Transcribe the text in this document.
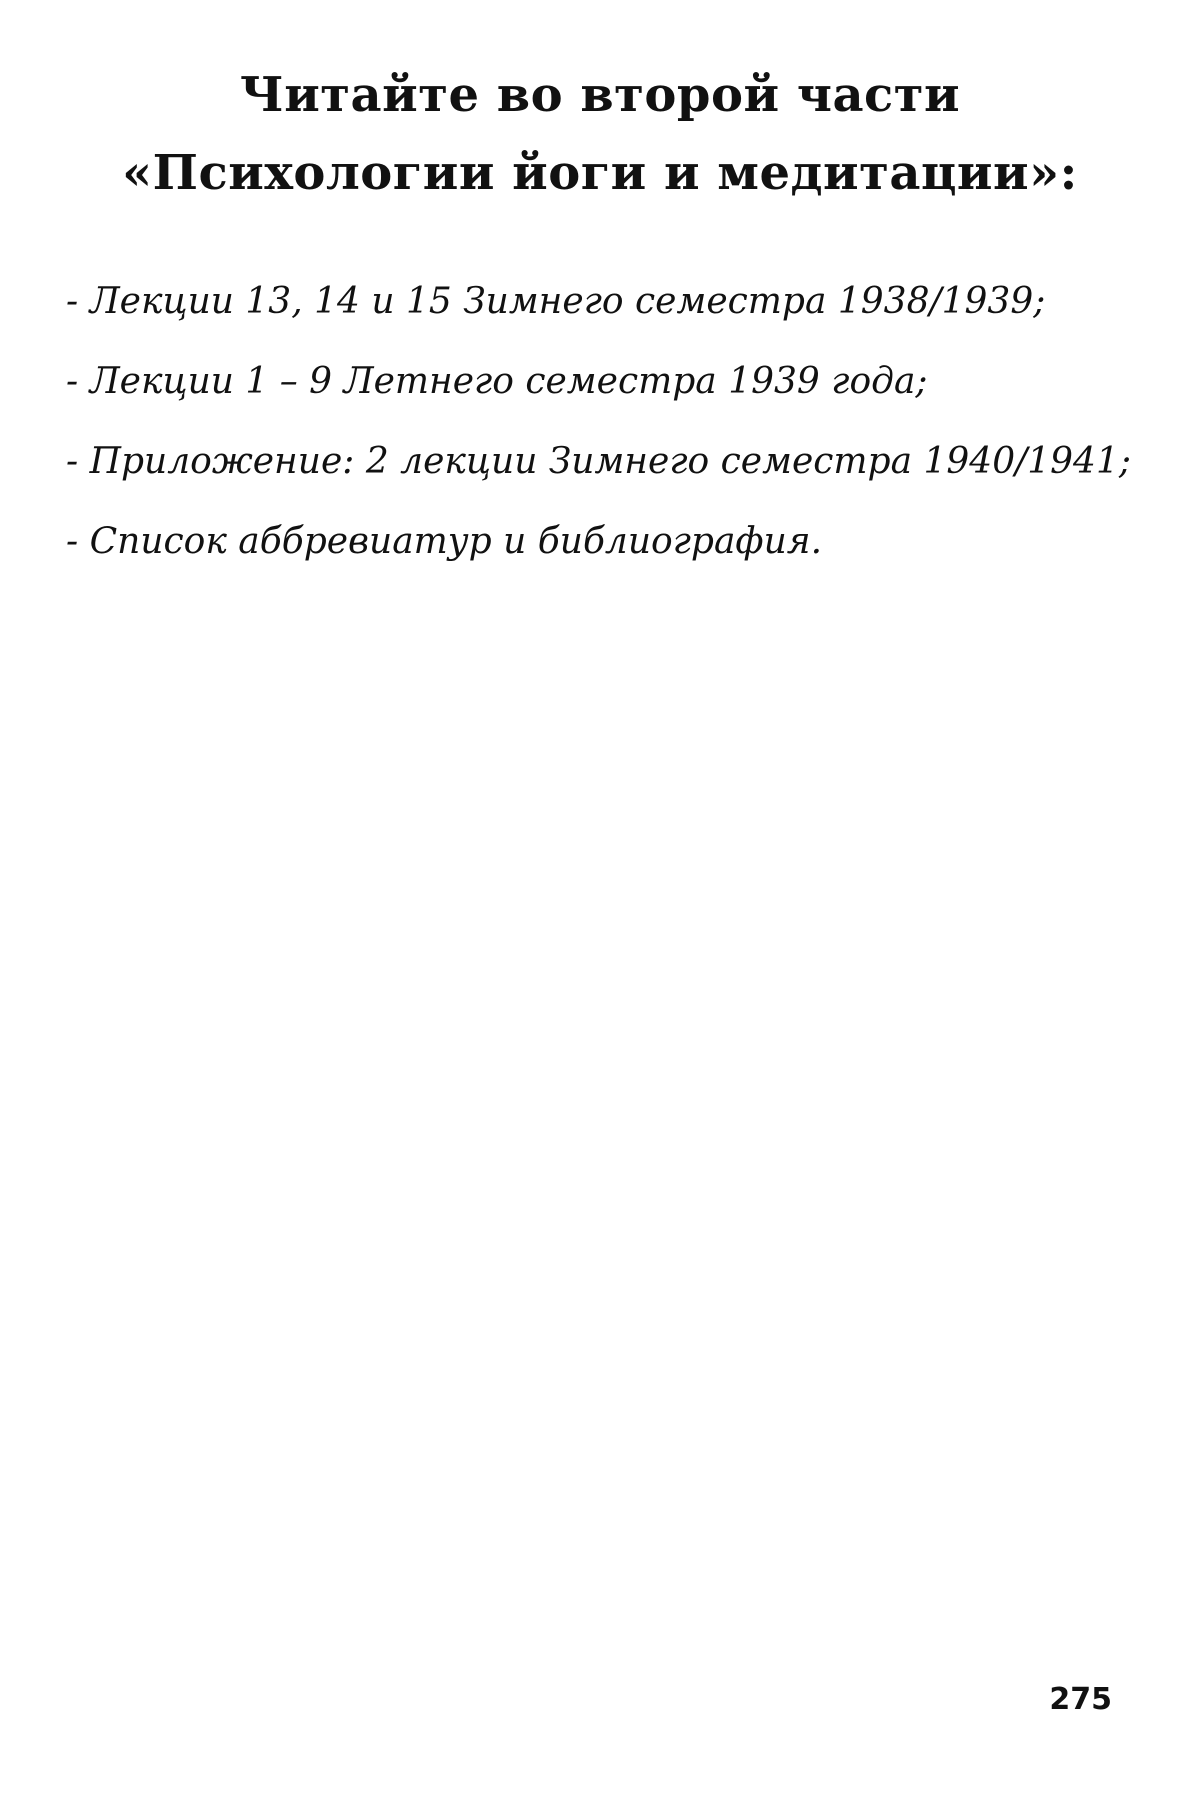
Читайте во второй части
«Психологии йоги и медитации»:
- Лекции 13, 14 и 15 Зимнего семестра 1938/1939;
- Лекции 1 – 9 Летнего семестра 1939 года;
- Приложение: 2 лекции Зимнего семестра 1940/1941;
- Список аббревиатур и библиография.
275
